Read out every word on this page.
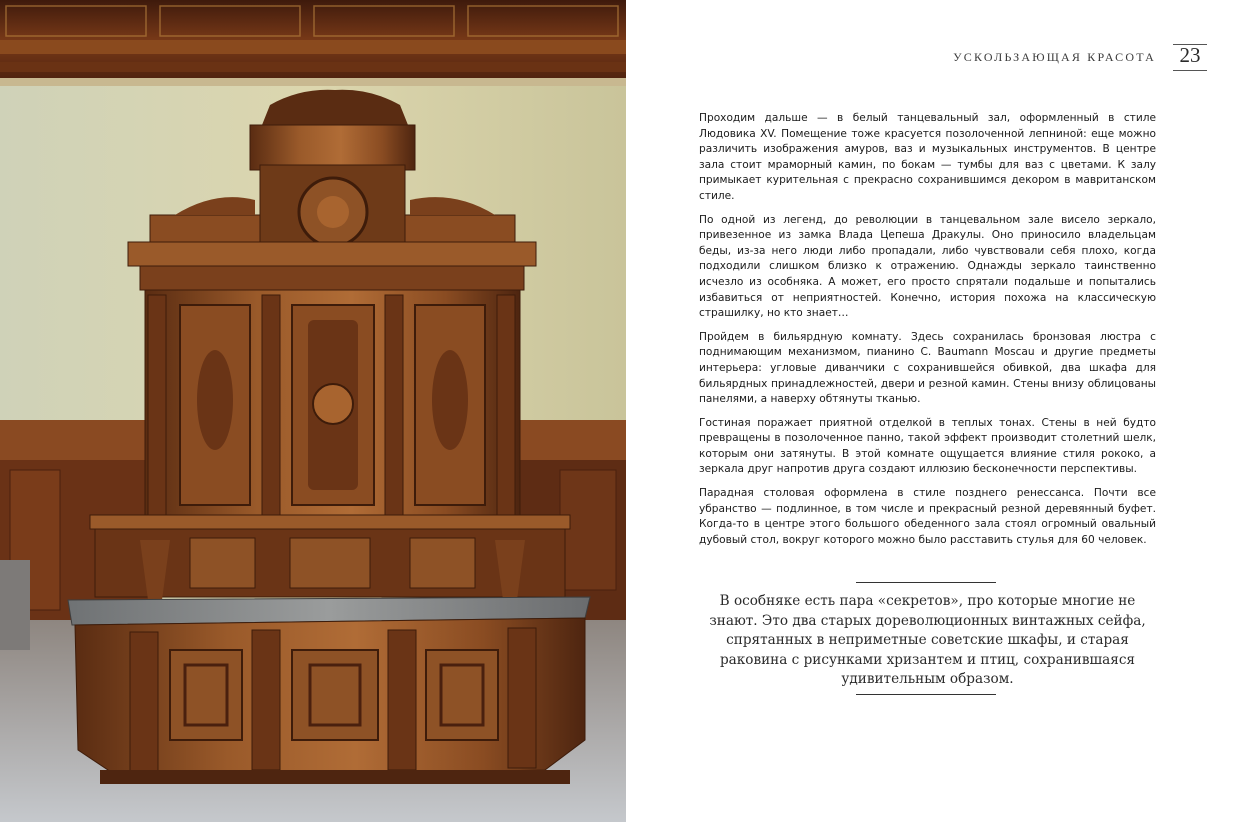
УСКОЛЬЗАЮЩАЯ КРАСОТА 23

Проходим дальше — в белый танцевальный зал, оформленный в стиле Людовика XV. Помещение тоже красуется позолоченной лепниной: еще можно различить изображения амуров, ваз и музыкальных инструментов. В центре зала стоит мраморный камин, по бокам — тумбы для ваз с цветами. К залу примыкает курительная с прекрасно сохранившимся декором в мавританском стиле.

По одной из легенд, до революции в танцевальном зале висело зеркало, привезенное из замка Влада Цепеша Дракулы. Оно приносило владельцам беды, из-за него люди либо пропадали, либо чувствовали себя плохо, когда подходили слишком близко к отражению. Однажды зеркало таинственно исчезло из особняка. А может, его просто спрятали подальше и попытались избавиться от неприятностей. Конечно, история похожа на классическую страшилку, но кто знает…

Пройдем в бильярдную комнату. Здесь сохранилась бронзовая люстра с поднимающим механизмом, пианино C. Baumann Moscau и другие предметы интерьера: угловые диванчики с сохранившейся обивкой, два шкафа для бильярдных принадлежностей, двери и резной камин. Стены внизу облицованы панелями, а наверху обтянуты тканью.

Гостиная поражает приятной отделкой в теплых тонах. Стены в ней будто превращены в позолоченное панно, такой эффект производит столетний шелк, которым они затянуты. В этой комнате ощущается влияние стиля рококо, а зеркала друг напротив друга создают иллюзию бесконечности перспективы.

Парадная столовая оформлена в стиле позднего ренессанса. Почти все убранство — подлинное, в том числе и прекрасный резной деревянный буфет. Когда-то в центре этого большого обеденного зала стоял огромный овальный дубовый стол, вокруг которого можно было расставить стулья для 60 человек.

В особняке есть пара «секретов», про которые многие не знают. Это два старых дореволюционных винтажных сейфа, спрятанных в неприметные советские шкафы, и старая раковина с рисунками хризантем и птиц, сохранившаяся удивительным образом.
